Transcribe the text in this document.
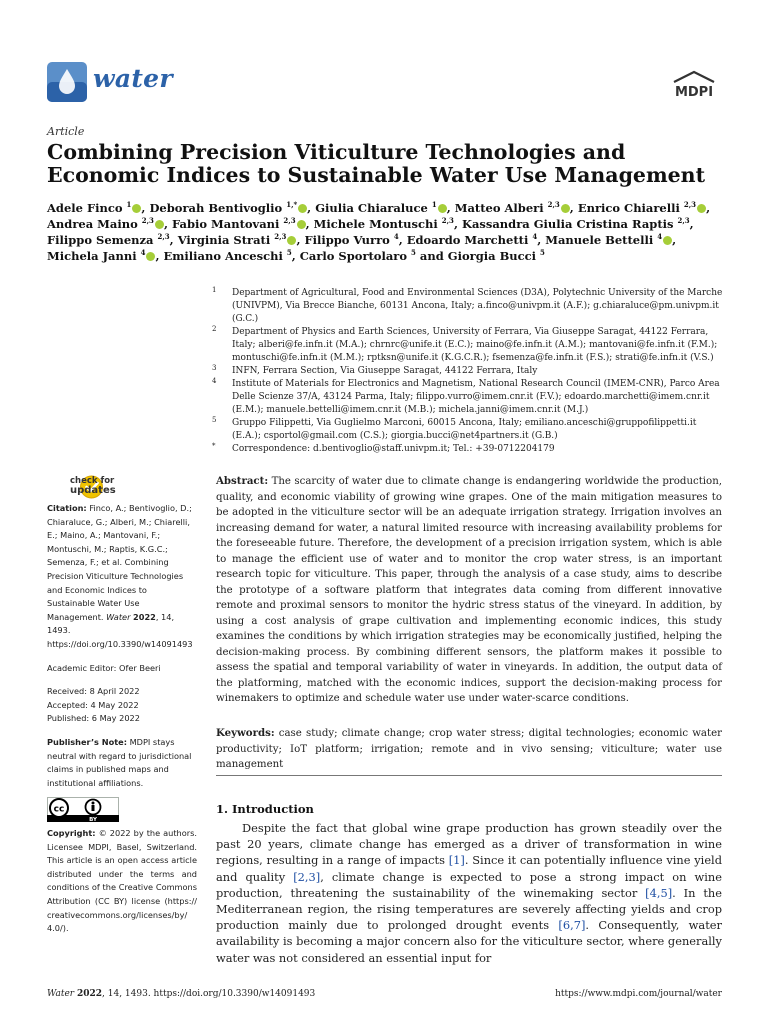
water	MDPI
Article
Combining Precision Viticulture Technologies and Economic Indices to Sustainable Water Use Management
Adele Finco $^1$ , Deborah Bentivoglio $^{1,*}$ , Giulia Chiaraluce $^1$ , Matteo Alberi $^{2,3}$ , Enrico Chiarelli $^{2,3}$ , Andrea Maino $^{2,3}$ , Fabio Mantovani $^{2,3}$ , Michele Montuschi $^{2,3}$, Kassandra Giulia Cristina Raptis $^{2,3}$, Filippo Semenza $^{2,3}$, Virginia Strati $^{2,3}$ , Filippo Vurro $^4$, Edoardo Marchetti $^4$, Manuele Bettelli $^4$ , Michela Janni $^4$ , Emiliano Anceschi $^5$, Carlo Sportolaro $^5$ and Giorgia Bucci $^5$
1 Department of Agricultural, Food and Environmental Sciences (D3A), Polytechnic University of the Marche (UNIVPM), Via Brecce Bianche, 60131 Ancona, Italy; a.finco@univpm.it (A.F.); g.chiaraluce@pm.univpm.it (G.C.)
2 Department of Physics and Earth Sciences, University of Ferrara, Via Giuseppe Saragat, 44122 Ferrara, Italy; alberi@fe.infn.it (M.A.); chrnrc@unife.it (E.C.); maino@fe.infn.it (A.M.); mantovani@fe.infn.it (F.M.); montuschi@fe.infn.it (M.M.); rptksn@unife.it (K.G.C.R.); fsemenza@fe.infn.it (F.S.); strati@fe.infn.it (V.S.)
3 INFN, Ferrara Section, Via Giuseppe Saragat, 44122 Ferrara, Italy
4 Institute of Materials for Electronics and Magnetism, National Research Council (IMEM-CNR), Parco Area Delle Scienze 37/A, 43124 Parma, Italy; filippo.vurro@imem.cnr.it (F.V.); edoardo.marchetti@imem.cnr.it (E.M.); manuele.bettelli@imem.cnr.it (M.B.); michela.janni@imem.cnr.it (M.J.)
5 Gruppo Filippetti, Via Guglielmo Marconi, 60015 Ancona, Italy; emiliano.anceschi@gruppofilippetti.it (E.A.); csportol@gmail.com (C.S.); giorgia.bucci@net4partners.it (G.B.)
* Correspondence: d.bentivoglio@staff.univpm.it; Tel.: +39-0712204179
check for
updates
Citation: Finco, A.; Bentivoglio, D.; Chiaraluce, G.; Alberi, M.; Chiarelli, E.; Maino, A.; Mantovani, F.; Montuschi, M.; Raptis, K.G.C.; Semenza, F.; et al. Combining Precision Viticulture Technologies and Economic Indices to Sustainable Water Use Management. Water 2022, 14, 1493. https://doi.org/10.3390/w14091493
Academic Editor: Ofer Beeri
Received: 8 April 2022
Accepted: 4 May 2022
Published: 6 May 2022
Publisher’s Note: MDPI stays neutral with regard to jurisdictional claims in published maps and institutional affiliations.
cc
BY
Copyright: © 2022 by the authors. Licensee MDPI, Basel, Switzerland. This article is an open access article distributed under the terms and conditions of the Creative Commons Attribution (CC BY) license (https:// creativecommons.org/licenses/by/ 4.0/).
Abstract: The scarcity of water due to climate change is endangering worldwide the production, quality, and economic viability of growing wine grapes. One of the main mitigation measures to be adopted in the viticulture sector will be an adequate irrigation strategy. Irrigation involves an increasing demand for water, a natural limited resource with increasing availability problems for the foreseeable future. Therefore, the development of a precision irrigation system, which is able to manage the efficient use of water and to monitor the crop water stress, is an important research topic for viticulture. This paper, through the analysis of a case study, aims to describe the prototype of a software platform that integrates data coming from different innovative remote and proximal sensors to monitor the hydric stress status of the vineyard. In addition, by using a cost analysis of grape cultivation and implementing economic indices, this study examines the conditions by which irrigation strategies may be economically justified, helping the decision-making process. By combining different sensors, the platform makes it possible to assess the spatial and temporal variability of water in vineyards. In addition, the output data of the platforming, matched with the economic indices, support the decision-making process for winemakers to optimize and schedule water use under water-scarce conditions.
Keywords: case study; climate change; crop water stress; digital technologies; economic water productivity; IoT platform; irrigation; remote and in vivo sensing; viticulture; water use management
1. Introduction
Despite the fact that global wine grape production has grown steadily over the past 20 years, climate change has emerged as a driver of transformation in wine regions, resulting in a range of impacts [1]. Since it can potentially influence vine yield and quality [2,3], climate change is expected to pose a strong impact on wine production, threatening the sustainability of the winemaking sector [4,5]. In the Mediterranean region, the rising temperatures are severely affecting yields and crop production mainly due to prolonged drought events [6,7]. Consequently, water availability is becoming a major concern also for the viticulture sector, where generally water was not considered an essential input for
Water 2022, 14, 1493. https://doi.org/10.3390/w14091493	https://www.mdpi.com/journal/water
